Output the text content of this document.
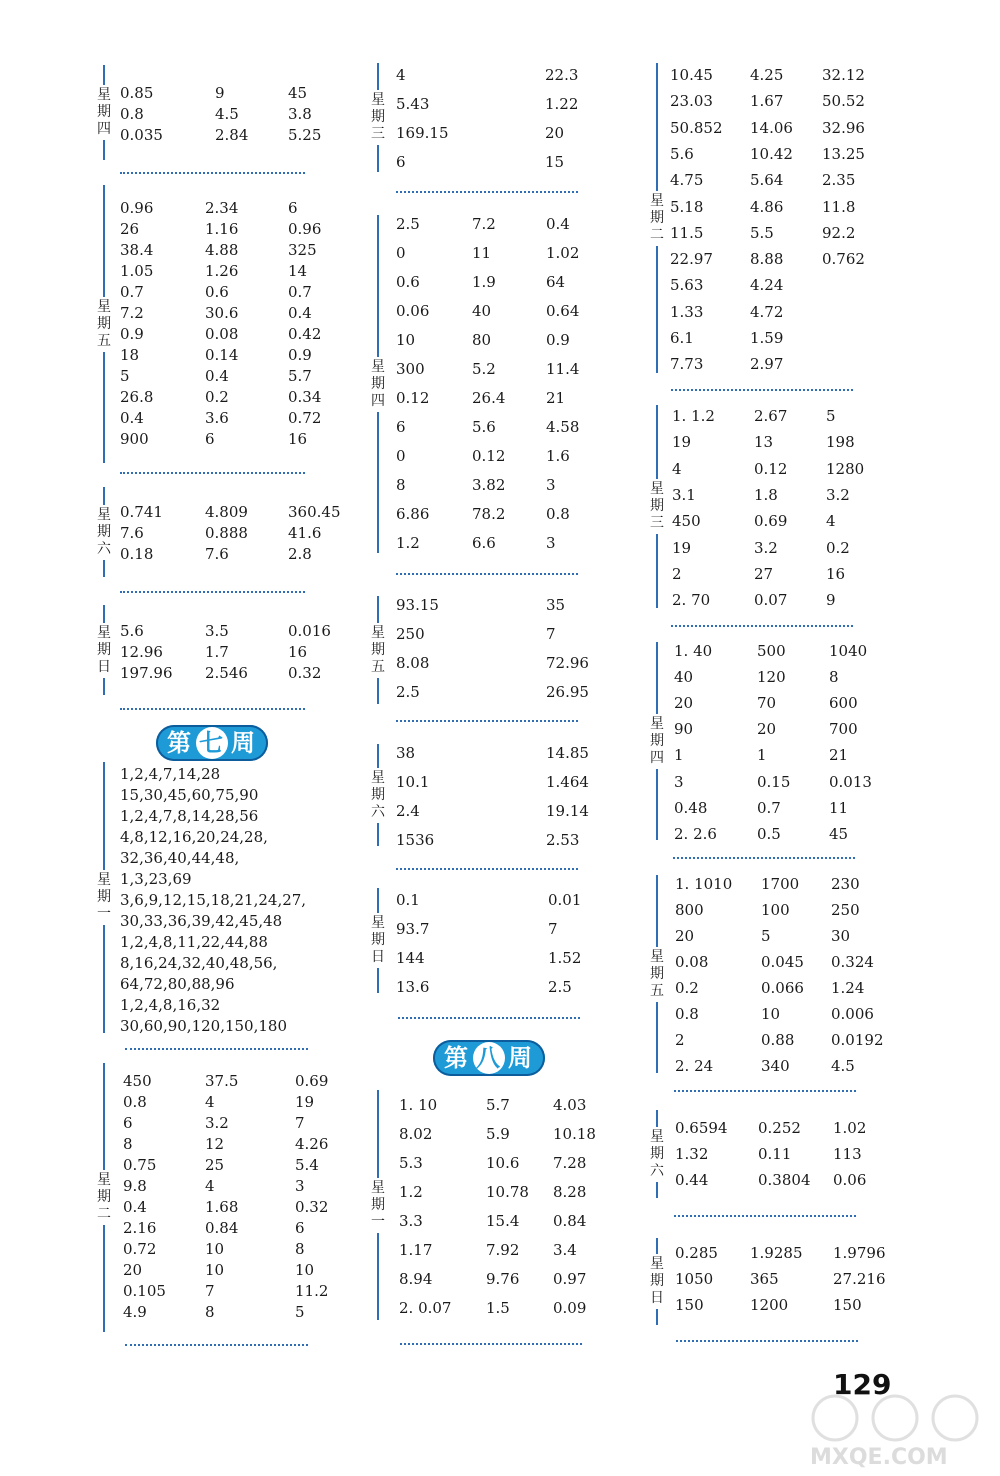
星
期
四
0.85	9	45
0.8	4.5	3.8
0.035	2.84	5.25
星
期
五
0.96	2.34	6
26	1.16	0.96
38.4	4.88	325
1.05	1.26	14
0.7	0.6	0.7
7.2	30.6	0.4
0.9	0.08	0.42
18	0.14	0.9
5	0.4	5.7
26.8	0.2	0.34
0.4	3.6	0.72
900	6	16
星
期
六
0.741	4.809	360.45
7.6	0.888	41.6
0.18	7.6	2.8
星
期
日
5.6	3.5	0.016
12.96	1.7	16
197.96 2.546	0.32
第 七 周
星
期
一
1,2,4,7,14,28
15,30,45,60,75,90
1,2,4,7,8,14,28,56
4,8,12,16,20,24,28,
32,36,40,44,48,
1,3,23,69
3,6,9,12,15,18,21,24,27,
30,33,36,39,42,45,48
1,2,4,8,11,22,44,88
8,16,24,32,40,48,56,
64,72,80,88,96
1,2,4,8,16,32
30,60,90,120,150,180
星
期
二
450	37.5	0.69
0.8	4	19
6	3.2	7
8	12	4.26
0.75	25	5.4
9.8	4	3
0.4	1.68	0.32
2.16	0.84	6
0.72	10	8
20	10	10
0.105	7	11.2
4.9	8	5
星
期
三
4	22.3
5.43	1.22
169.15	20
6	15
星
期
四
2.5	7.2	0.4
0	11	1.02
0.6	1.9	64
0.06	40	0.64
10	80	0.9
300	5.2	11.4
0.12	26.4	21
6	5.6	4.58
0	0.12	1.6
8	3.82	3
6.86	78.2	0.8
1.2	6.6	3
星
期
五
93.15	35
250	7
8.08	72.96
2.5	26.95
星
期
六
38	14.85
10.1	1.464
2.4	19.14
1536	2.53
星
期
日
0.1	0.01
93.7	7
144	1.52
13.6	2.5
第 八 周
星
期
一
1. 10	5.7	4.03
8.02	5.9	10.18
5.3	10.6 7.28
1.2	10.78 8.28
3.3	15.4 0.84
1.17	7.92 3.4
8.94	9.76 0.97
2. 0.07 1.5	0.09
星
期
二
10.45 4.25	32.12
23.03 1.67	50.52
50.852 14.06 32.96
5.6	10.42 13.25
4.75	5.64	2.35
5.18	4.86	11.8
11.5	5.5	92.2
22.97 8.88	0.762
5.63	4.24
1.33	4.72
6.1	1.59
7.73	2.97
星
期
三
1. 1.2	2.67	5
19	13	198
4	0.12	1280
3.1	1.8	3.2
450	0.69	4
19	3.2	0.2
2	27	16
2. 70	0.07	9
星
期
四
1. 40	500	1040
40	120	8
20	70	600
90	20	700
1	1	21
3	0.15	0.013
0.48	0.7	11
2. 2.6	0.5	45
星
期
五
1. 1010 1700 230
800	100	250
20	5	30
0.08	0.045 0.324
0.2	0.066 1.24
0.8	10	0.006
2	0.88 0.0192
2. 24	340	4.5
星
期
六
0.6594 0.252 1.02
1.32	0.11	113
0.44	0.3804 0.06
星
期
日
0.285 1.9285 1.9796
1050 365	27.216
150	1200	150
129
MXQE.COM
